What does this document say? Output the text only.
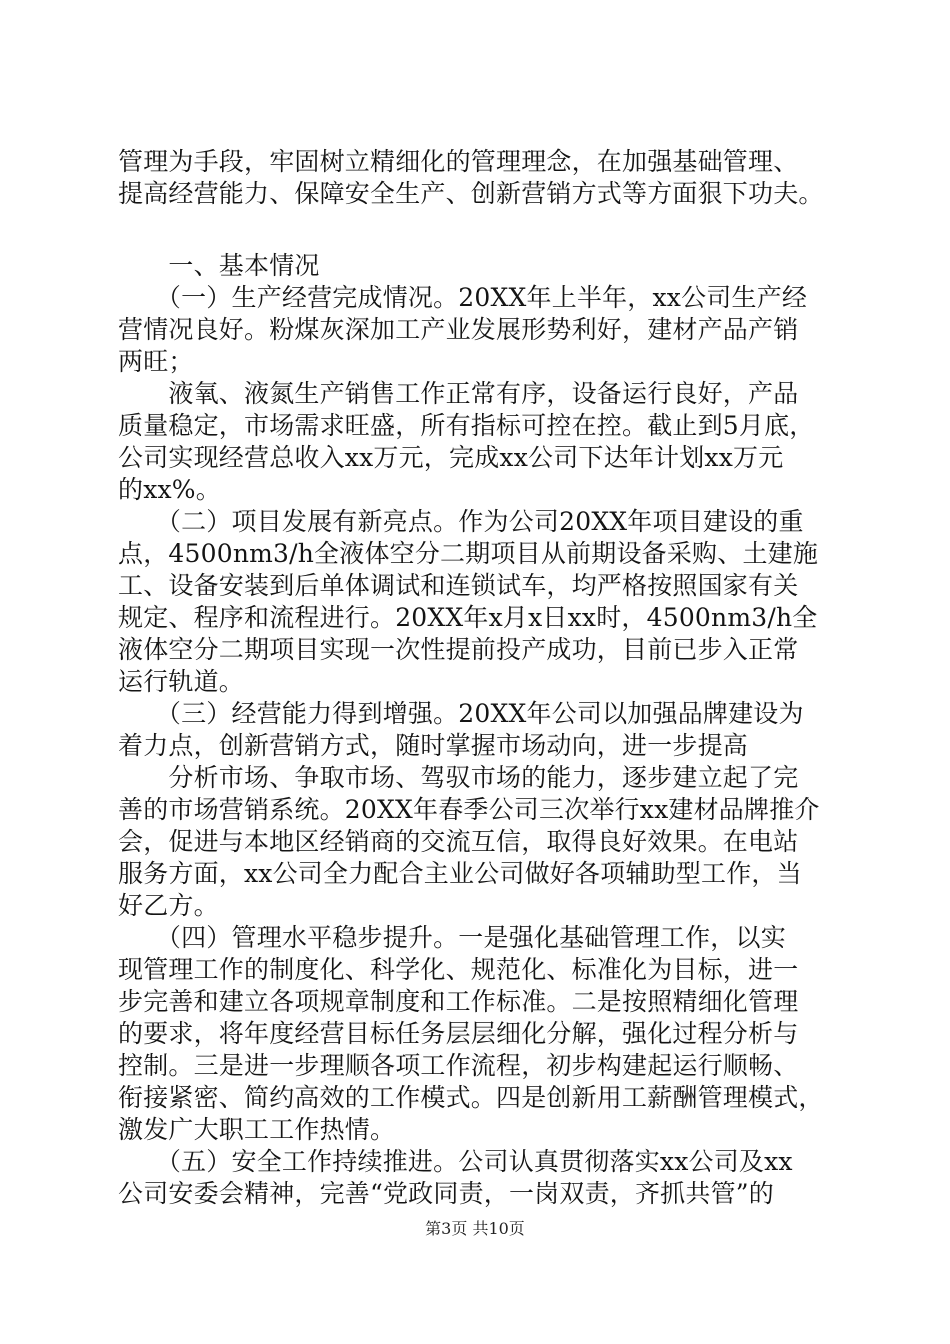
管理为手段，牢固树立精细化的管理理念，在加强基础管理、
提高经营能力、保障安全生产、创新营销方式等方面狠下功夫。
　　一、基本情况
　　（一）生产经营完成情况。20XX年上半年，xx公司生产经
营情况良好。粉煤灰深加工产业发展形势利好，建材产品产销
两旺；
　　液氧、液氮生产销售工作正常有序，设备运行良好，产品
质量稳定，市场需求旺盛，所有指标可控在控。截止到5月底，
公司实现经营总收入xx万元，完成xx公司下达年计划xx万元
的xx%。
　　（二）项目发展有新亮点。作为公司20XX年项目建设的重
点，4500nm3/h全液体空分二期项目从前期设备采购、土建施
工、设备安装到后单体调试和连锁试车，均严格按照国家有关
规定、程序和流程进行。20XX年x月x日xx时，4500nm3/h全
液体空分二期项目实现一次性提前投产成功，目前已步入正常
运行轨道。
　　（三）经营能力得到增强。20XX年公司以加强品牌建设为
着力点，创新营销方式，随时掌握市场动向，进一步提高
　　分析市场、争取市场、驾驭市场的能力，逐步建立起了完
善的市场营销系统。20XX年春季公司三次举行xx建材品牌推介
会，促进与本地区经销商的交流互信，取得良好效果。在电站
服务方面，xx公司全力配合主业公司做好各项辅助型工作，当
好乙方。
　　（四）管理水平稳步提升。一是强化基础管理工作，以实
现管理工作的制度化、科学化、规范化、标准化为目标，进一
步完善和建立各项规章制度和工作标准。二是按照精细化管理
的要求，将年度经营目标任务层层细化分解，强化过程分析与
控制。三是进一步理顺各项工作流程，初步构建起运行顺畅、
衔接紧密、简约高效的工作模式。四是创新用工薪酬管理模式，
激发广大职工工作热情。
　　（五）安全工作持续推进。公司认真贯彻落实xx公司及xx
公司安委会精神，完善“党政同责，一岗双责，齐抓共管”的
第3页 共10页
